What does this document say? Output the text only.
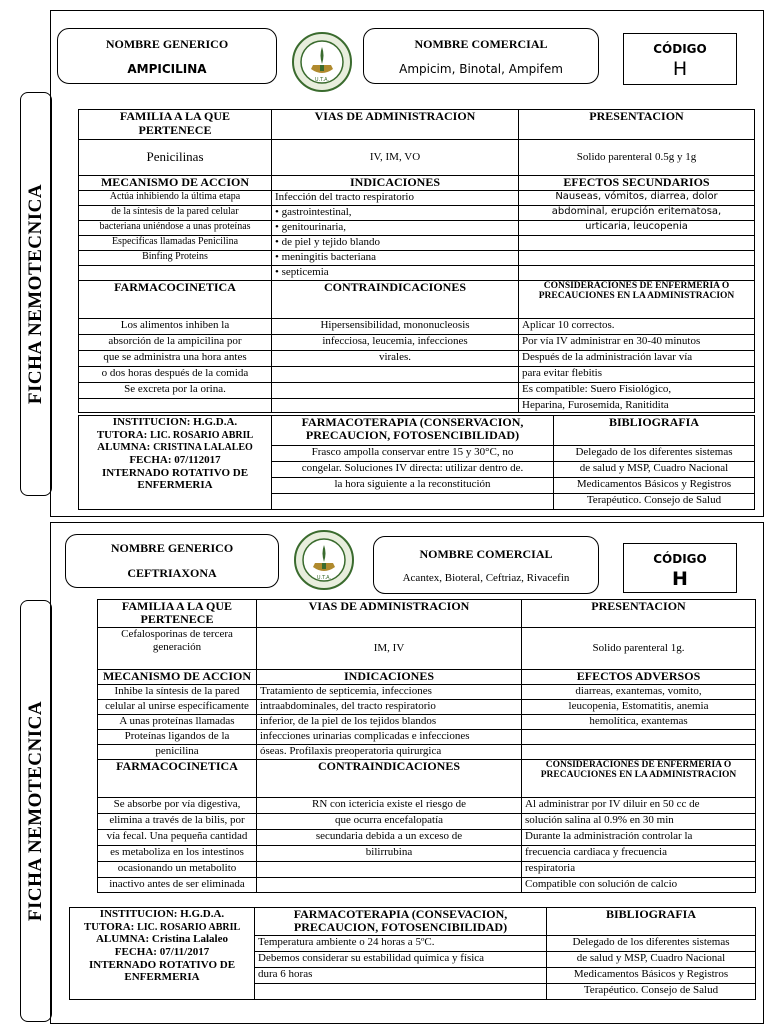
FICHA NEMOTECNICA
NOMBRE GENERICO
AMPICILINA
U.T.A.
NOMBRE COMERCIAL
Ampicim, Binotal, Ampifem
CÓDIGO
H
FAMILIA A LA QUE PERTENECE	VIAS DE ADMINISTRACION	PRESENTACION
Penicilinas	IV, IM, VO	Solido parenteral 0.5g y 1g
MECANISMO DE ACCION	INDICACIONES	EFECTOS SECUNDARIOS
Actúa inhibiendo la última etapa	Infección del tracto respiratorio	Nauseas, vómitos, diarrea, dolor
de la síntesis de la pared celular	• gastrointestinal,	abdominal, erupción eritematosa,
bacteriana uniéndose a unas proteínas	• genitourinaria,	urticaria, leucopenia
Especificas llamadas Penicilina	• de piel y tejido blando	
Binfing Proteins	• meningitis bacteriana	
	• septicemia	
FARMACOCINETICA	CONTRAINDICACIONES	CONSIDERACIONES DE ENFERMERIA O PRECAUCIONES EN LA ADMINISTRACION
Los alimentos inhiben la	Hipersensibilidad, mononucleosis	Aplicar 10 correctos.
absorción de la ampicilina por	infecciosa, leucemia, infecciones	Por vía IV administrar en 30-40 minutos
que se administra una hora antes	virales.	Después de la administración lavar vía
o dos horas después de la comida		para evitar flebitis
Se excreta por la orina.		Es compatible: Suero Fisiológico,
		Heparina, Furosemida, Ranitidita
INSTITUCION: H.G.D.A.
TUTORA: LIC. ROSARIO ABRIL
ALUMNA: CRISTINA LALALEO
FECHA: 07/112017
INTERNADO ROTATIVO DE ENFERMERIA	FARMACOTERAPIA (CONSERVACION, PRECAUCION, FOTOSENCIBILIDAD)	BIBLIOGRAFIA
	Frasco ampolla conservar entre 15 y 30°C, no	Delegado de los diferentes sistemas
	congelar. Soluciones IV directa: utilizar dentro de.	de salud y MSP, Cuadro Nacional
	la hora siguiente a la reconstitución	Medicamentos Básicos y Registros
		Terapéutico. Consejo de Salud
FICHA NEMOTECNICA
NOMBRE GENERICO
CEFTRIAXONA	U.T.A.
NOMBRE COMERCIAL
Acantex, Bioteral, Ceftriaz, Rivacefin
CÓDIGO
H
FAMILIA A LA QUE PERTENECE	VIAS DE ADMINISTRACION	PRESENTACION
Cefalosporinas de tercera generación	IM, IV	Solido parenteral 1g.
MECANISMO DE ACCION	INDICACIONES	EFECTOS ADVERSOS
Inhibe la síntesis de la pared	Tratamiento de septicemia, infecciones	diarreas, exantemas, vomito,
celular al unirse específicamente	intraabdominales, del tracto respiratorio	leucopenia, Estomatitis, anemia
A unas proteínas llamadas	inferior, de la piel de los tejidos blandos	hemolítica, exantemas
Proteínas ligandos de la	infecciones urinarias complicadas e infecciones	
penicilina	óseas. Profilaxis preoperatoria quirurgica	
FARMACOCINETICA	CONTRAINDICACIONES	CONSIDERACIONES DE ENFERMERIA O PRECAUCIONES EN LA ADMINISTRACION
Se absorbe por vía digestiva,	RN con ictericia existe el riesgo de	Al administrar por IV diluir en 50 cc de
elimina a través de la bilis, por	que ocurra encefalopatía	solución salina al 0.9% en 30 min
vía fecal. Una pequeña cantidad	secundaria debida a un exceso de	Durante la administración controlar la
es metaboliza en los intestinos	bilirrubina	frecuencia cardiaca y frecuencia
ocasionando un metabolito		respiratoria
inactivo antes de ser eliminada		Compatible con solución de calcio
INSTITUCION: H.G.D.A.
TUTORA: LIC. ROSARIO ABRIL
ALUMNA: Cristina Lalaleo
FECHA: 07/11/2017
INTERNADO ROTATIVO DE ENFERMERIA	FARMACOTERAPIA (CONSEVACION, PRECAUCION, FOTOSENCIBILIDAD)	BIBLIOGRAFIA
	Temperatura ambiente o 24 horas a 5ºC.	Delegado de los diferentes sistemas
	Debemos considerar su estabilidad química y física	de salud y MSP, Cuadro Nacional
	dura 6 horas	Medicamentos Básicos y Registros
		Terapéutico. Consejo de Salud
